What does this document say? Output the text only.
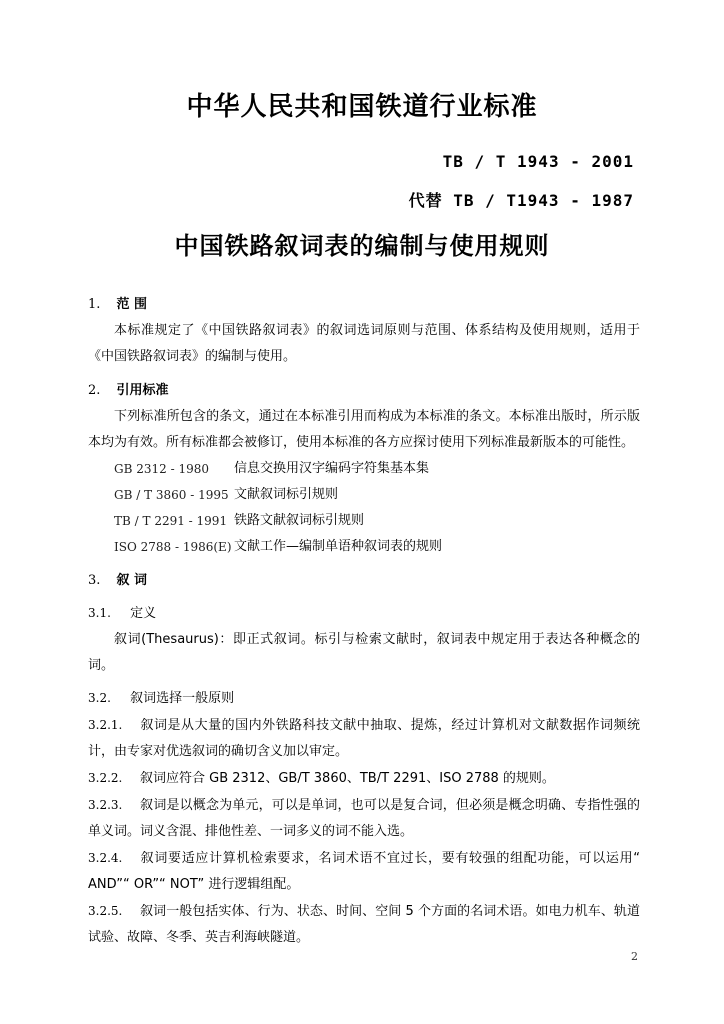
中华人民共和国铁道行业标准
TB / T 1943 - 2001
代替 TB / T1943 - 1987
中国铁路叙词表的编制与使用规则
1. 范 围
本标准规定了《中国铁路叙词表》的叙词选词原则与范围、体系结构及使用规则，适用于《中国铁路叙词表》的编制与使用。
2. 引用标准
下列标准所包含的条文，通过在本标准引用而构成为本标准的条文。本标准出版时，所示版本均为有效。所有标准都会被修订，使用本标准的各方应探讨使用下列标准最新版本的可能性。
GB 2312 - 1980	信息交换用汉字编码字符集基本集
GB / T 3860 - 1995 文献叙词标引规则
TB / T 2291 - 1991 铁路文献叙词标引规则
ISO 2788 - 1986(E) 文献工作—编制单语种叙词表的规则
3. 叙 词
3.1. 定义
叙词(Thesaurus)：即正式叙词。标引与检索文献时，叙词表中规定用于表达各种概念的词。
3.2. 叙词选择一般原则
3.2.1. 叙词是从大量的国内外铁路科技文献中抽取、提炼，经过计算机对文献数据作词频统计，由专家对优选叙词的确切含义加以审定。
3.2.2. 叙词应符合 GB 2312、GB/T 3860、TB/T 2291、ISO 2788 的规则。
3.2.3. 叙词是以概念为单元，可以是单词，也可以是复合词，但必须是概念明确、专指性强的单义词。词义含混、排他性差、一词多义的词不能入选。
3.2.4. 叙词要适应计算机检索要求，名词术语不宜过长，要有较强的组配功能，可以运用“ AND”“ OR”“ NOT” 进行逻辑组配。
3.2.5. 叙词一般包括实体、行为、状态、时间、空间 5 个方面的名词术语。如电力机车、轨道试验、故障、冬季、英吉利海峡隧道。
2
